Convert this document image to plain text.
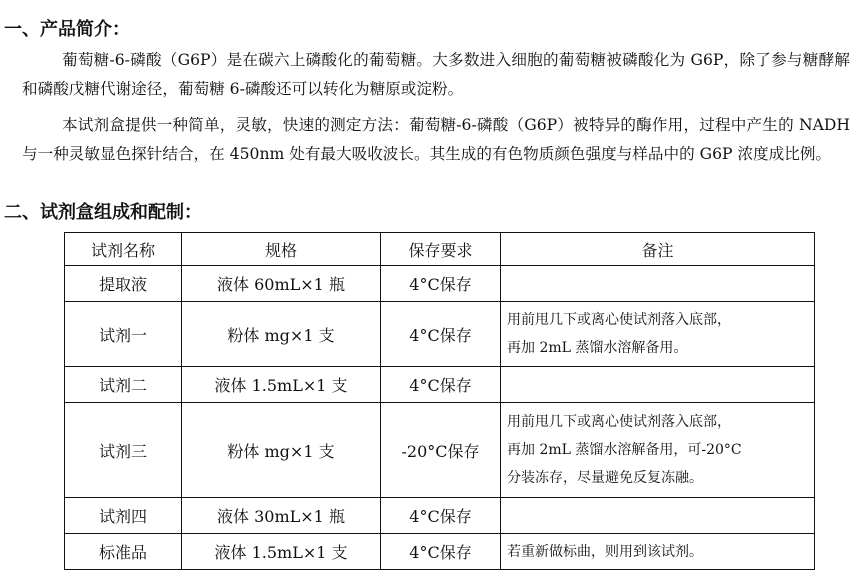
一、产品简介：

葡萄糖-6-磷酸（G6P）是在碳六上磷酸化的葡萄糖。大多数进入细胞的葡萄糖被磷酸化为 G6P，除了参与糖酵解和磷酸戊糖代谢途径，葡萄糖 6-磷酸还可以转化为糖原或淀粉。

本试剂盒提供一种简单，灵敏，快速的测定方法：葡萄糖-6-磷酸（G6P）被特异的酶作用，过程中产生的 NADH 与一种灵敏显色探针结合，在 450nm 处有最大吸收波长。其生成的有色物质颜色强度与样品中的 G6P 浓度成比例。

二、试剂盒组成和配制：
试剂名称	规格	保存要求	备注
提取液	液体 60mL×1 瓶	4°C保存	
试剂一	粉体 mg×1 支	4°C保存	用前甩几下或离心使试剂落入底部，
再加 2mL 蒸馏水溶解备用。
试剂二	液体 1.5mL×1 支	4°C保存	
试剂三	粉体 mg×1 支	-20°C保存	用前甩几下或离心使试剂落入底部，
再加 2mL 蒸馏水溶解备用，可-20°C
分装冻存，尽量避免反复冻融。
试剂四	液体 30mL×1 瓶	4°C保存	
标准品	液体 1.5mL×1 支	4°C保存	若重新做标曲，则用到该试剂。
